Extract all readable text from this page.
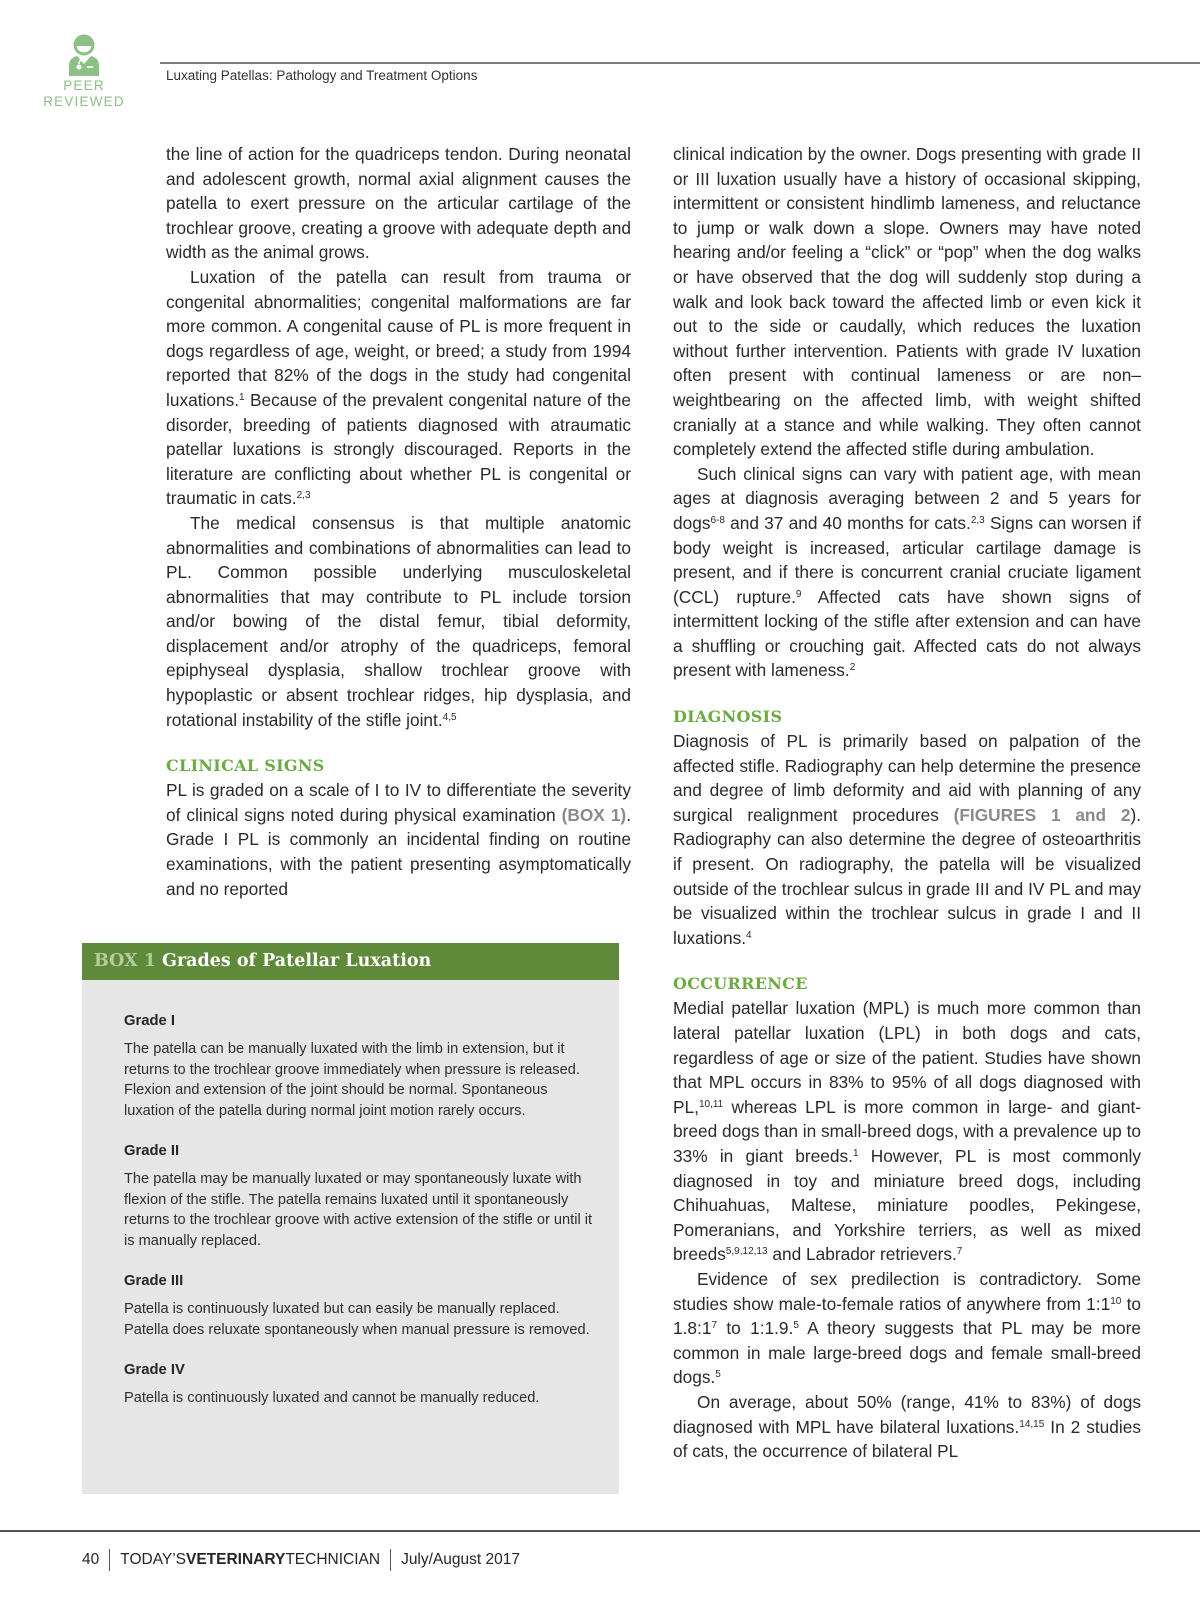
PEER
REVIEWED
Luxating Patellas: Pathology and Treatment Options

the line of action for the quadriceps tendon. During neonatal and adolescent growth, normal axial alignment causes the patella to exert pressure on the articular cartilage of the trochlear groove, creating a groove with adequate depth and width as the animal grows.

Luxation of the patella can result from trauma or congenital abnormalities; congenital malformations are far more common. A congenital cause of PL is more frequent in dogs regardless of age, weight, or breed; a study from 1994 reported that 82% of the dogs in the study had congenital luxations.$^1$ Because of the prevalent congenital nature of the disorder, breeding of patients diagnosed with atraumatic patellar luxations is strongly discouraged. Reports in the literature are conflicting about whether PL is congenital or traumatic in cats.$^{2,3}$

The medical consensus is that multiple anatomic abnormalities and combinations of abnormalities can lead to PL. Common possible underlying musculoskeletal abnormalities that may contribute to PL include torsion and/or bowing of the distal femur, tibial deformity, displacement and/or atrophy of the quadriceps, femoral epiphyseal dysplasia, shallow trochlear groove with hypoplastic or absent trochlear ridges, hip dysplasia, and rotational instability of the stifle joint.$^{4,5}$

CLINICAL SIGNS

PL is graded on a scale of I to IV to differentiate the severity of clinical signs noted during physical examination (BOX 1). Grade I PL is commonly an incidental finding on routine examinations, with the patient presenting asymptomatically and no reported

clinical indication by the owner. Dogs presenting with grade II or III luxation usually have a history of occasional skipping, intermittent or consistent hindlimb lameness, and reluctance to jump or walk down a slope. Owners may have noted hearing and/or feeling a “click” or “pop” when the dog walks or have observed that the dog will suddenly stop during a walk and look back toward the affected limb or even kick it out to the side or caudally, which reduces the luxation without further intervention. Patients with grade IV luxation often present with continual lameness or are non–weightbearing on the affected limb, with weight shifted cranially at a stance and while walking. They often cannot completely extend the affected stifle during ambulation.

Such clinical signs can vary with patient age, with mean ages at diagnosis averaging between 2 and 5 years for dogs$^{6-8}$ and 37 and 40 months for cats.$^{2,3}$ Signs can worsen if body weight is increased, articular cartilage damage is present, and if there is concurrent cranial cruciate ligament (CCL) rupture.$^9$ Affected cats have shown signs of intermittent locking of the stifle after extension and can have a shuffling or crouching gait. Affected cats do not always present with lameness.$^2$

DIAGNOSIS

Diagnosis of PL is primarily based on palpation of the affected stifle. Radiography can help determine the presence and degree of limb deformity and aid with planning of any surgical realignment procedures (FIGURES 1 and 2). Radiography can also determine the degree of osteoarthritis if present. On radiography, the patella will be visualized outside of the trochlear sulcus in grade III and IV PL and may be visualized within the trochlear sulcus in grade I and II luxations.$^4$

OCCURRENCE

Medial patellar luxation (MPL) is much more common than lateral patellar luxation (LPL) in both dogs and cats, regardless of age or size of the patient. Studies have shown that MPL occurs in 83% to 95% of all dogs diagnosed with PL,$^{10,11}$ whereas LPL is more common in large- and giant-breed dogs than in small-breed dogs, with a prevalence up to 33% in giant breeds.$^1$ However, PL is most commonly diagnosed in toy and miniature breed dogs, including Chihuahuas, Maltese, miniature poodles, Pekingese, Pomeranians, and Yorkshire terriers, as well as mixed breeds$^{5,9,12,13}$ and Labrador retrievers.$^7$

Evidence of sex predilection is contradictory. Some studies show male-to-female ratios of anywhere from $1:1^{10}$ to $1.8:1^7$ to 1:1.9.$^5$ A theory suggests that PL may be more common in male large-breed dogs and female small-breed dogs.$^5$

On average, about 50% (range, 41% to 83%) of dogs diagnosed with MPL have bilateral luxations.$^{14,15}$ In 2 studies of cats, the occurrence of bilateral PL

BOX 1 Grades of Patellar Luxation
Grade I

The patella can be manually luxated with the limb in extension, but it returns to the trochlear groove immediately when pressure is released. Flexion and extension of the joint should be normal. Spontaneous luxation of the patella during normal joint motion rarely occurs.

Grade II

The patella may be manually luxated or may spontaneously luxate with flexion of the stifle. The patella remains luxated until it spontaneously returns to the trochlear groove with active extension of the stifle or until it is manually replaced.

Grade III

Patella is continuously luxated but can easily be manually replaced. Patella does reluxate spontaneously when manual pressure is removed.

Grade IV

Patella is continuously luxated and cannot be manually reduced.

40 TODAY’SVETERINARYTECHNICIAN July/August 2017
